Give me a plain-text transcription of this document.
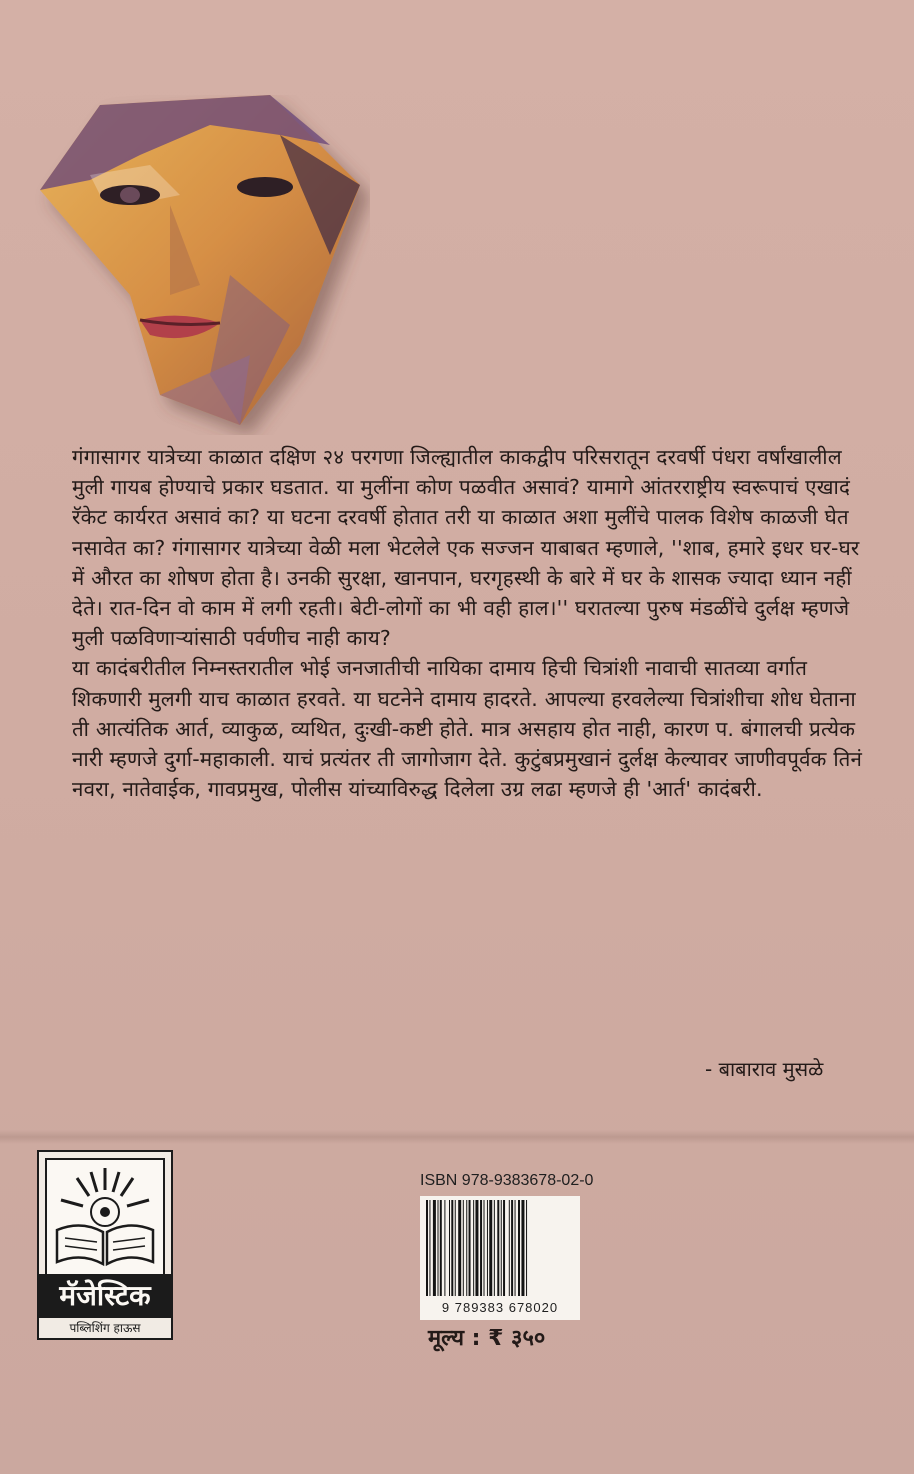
गंगासागर यात्रेच्या काळात दक्षिण २४ परगणा जिल्ह्यातील काकद्वीप परिसरातून दरवर्षी पंधरा वर्षांखालील मुली गायब होण्याचे प्रकार घडतात. या मुलींना कोण पळवीत असावं? यामागे आंतरराष्ट्रीय स्वरूपाचं एखादं रॅकेट कार्यरत असावं का? या घटना दरवर्षी होतात तरी या काळात अशा मुलींचे पालक विशेष काळजी घेत नसावेत का? गंगासागर यात्रेच्या वेळी मला भेटलेले एक सज्जन याबाबत म्हणाले, ''शाब, हमारे इधर घर-घर में औरत का शोषण होता है। उनकी सुरक्षा, खानपान, घरगृहस्थी के बारे में घर के शासक ज्यादा ध्यान नहीं देते। रात-दिन वो काम में लगी रहती। बेटी-लोगों का भी वही हाल।'' घरातल्या पुरुष मंडळींचे दुर्लक्ष म्हणजे मुली पळविणाऱ्यांसाठी पर्वणीच नाही काय?

या कादंबरीतील निम्नस्तरातील भोई जनजातीची नायिका दामाय हिची चित्रांशी नावाची सातव्या वर्गात शिकणारी मुलगी याच काळात हरवते. या घटनेने दामाय हादरते. आपल्या हरवलेल्या चित्रांशीचा शोध घेताना ती आत्यंतिक आर्त, व्याकुळ, व्यथित, दुःखी-कष्टी होते. मात्र असहाय होत नाही, कारण प. बंगालची प्रत्येक नारी म्हणजे दुर्गा-महाकाली. याचं प्रत्यंतर ती जागोजाग देते. कुटुंबप्रमुखानं दुर्लक्ष केल्यावर जाणीवपूर्वक तिनं नवरा, नातेवाईक, गावप्रमुख, पोलीस यांच्याविरुद्ध दिलेला उग्र लढा म्हणजे ही 'आर्त' कादंबरी.

- बाबाराव मुसळे
मॅजेस्टिक
पब्लिशिंग हाऊस
ISBN 978-9383678-02-0
9 789383 678020
मूल्य : ₹ ३५०
